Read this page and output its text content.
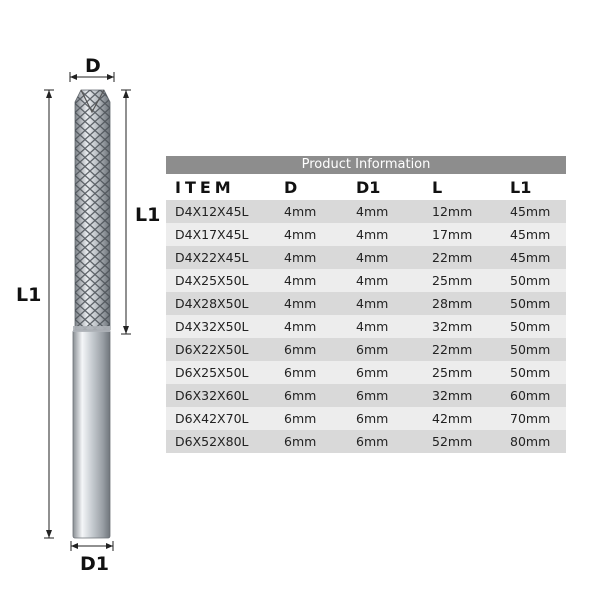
D
L1
L1
D1
Product Information
ITEM	D	D1	L	L1
D4X12X45L	4mm	4mm	12mm	45mm
D4X17X45L	4mm	4mm	17mm	45mm
D4X22X45L	4mm	4mm	22mm	45mm
D4X25X50L	4mm	4mm	25mm	50mm
D4X28X50L	4mm	4mm	28mm	50mm
D4X32X50L	4mm	4mm	32mm	50mm
D6X22X50L	6mm	6mm	22mm	50mm
D6X25X50L	6mm	6mm	25mm	50mm
D6X32X60L	6mm	6mm	32mm	60mm
D6X42X70L	6mm	6mm	42mm	70mm
D6X52X80L	6mm	6mm	52mm	80mm
